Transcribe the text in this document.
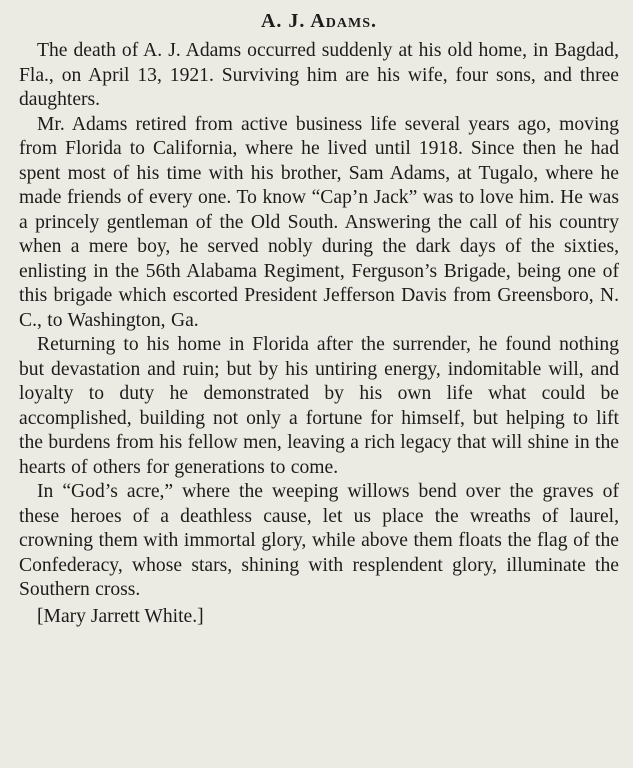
A. J. Adams.

The death of A. J. Adams occurred suddenly at his old home, in Bagdad, Fla., on April 13, 1921. Surviving him are his wife, four sons, and three daughters.

Mr. Adams retired from active business life several years ago, moving from Florida to California, where he lived until 1918. Since then he had spent most of his time with his brother, Sam Adams, at Tugalo, where he made friends of every one. To know “Cap’n Jack” was to love him. He was a princely gentleman of the Old South. Answering the call of his country when a mere boy, he served nobly during the dark days of the sixties, enlisting in the 56th Alabama Regiment, Ferguson’s Brigade, being one of this brigade which escorted President Jefferson Davis from Greensboro, N. C., to Washington, Ga.

Returning to his home in Florida after the surrender, he found nothing but devastation and ruin; but by his untiring energy, indomitable will, and loyalty to duty he demonstrated by his own life what could be accomplished, building not only a fortune for himself, but helping to lift the burdens from his fellow men, leaving a rich legacy that will shine in the hearts of others for generations to come.

In “God’s acre,” where the weeping willows bend over the graves of these heroes of a deathless cause, let us place the wreaths of laurel, crowning them with immortal glory, while above them floats the flag of the Confederacy, whose stars, shining with resplendent glory, illuminate the Southern cross.

[Mary Jarrett White.]
